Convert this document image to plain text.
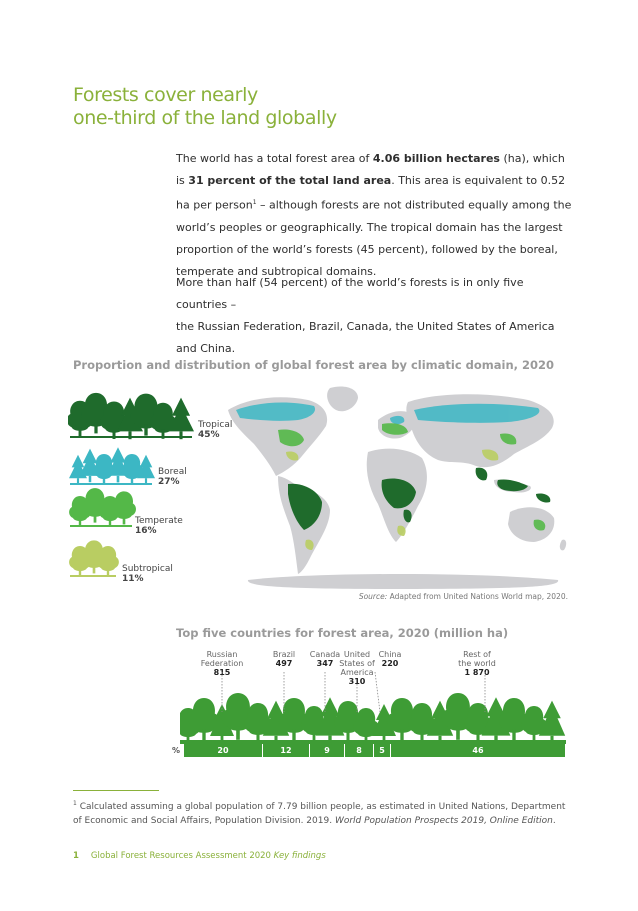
Forests cover nearly
one-third of the land globally
The world has a total forest area of 4.06 billion hectares (ha), which is 31 percent of the total land area. This area is equivalent to 0.52 ha per person$^1$ – although forests are not distributed equally among the world’s peoples or geographically. The tropical domain has the largest proportion of the world’s forests (45 percent), followed by the boreal, temperate and subtropical domains.
More than half (54 percent) of the world’s forests is in only five countries –
the Russian Federation, Brazil, Canada, the United States of America
and China.
Proportion and distribution of global forest area by climatic domain, 2020
Tropical
45%
Boreal
27%
Temperate
16%
Subtropical
11%
Source: Adapted from United Nations World map, 2020.
Top five countries for forest area, 2020 (million ha)
Russian
Federation
815
Brazil
497
Canada
347
United
States of
America
310
China
220
Rest of
the world
1 870
%	20	12	9	8	5	46
$^1$ Calculated assuming a global population of 7.79 billion people, as estimated in United Nations, Department of Economic and Social Affairs, Population Division. 2019. World Population Prospects 2019, Online Edition.
1 Global Forest Resources Assessment 2020 Key findings
